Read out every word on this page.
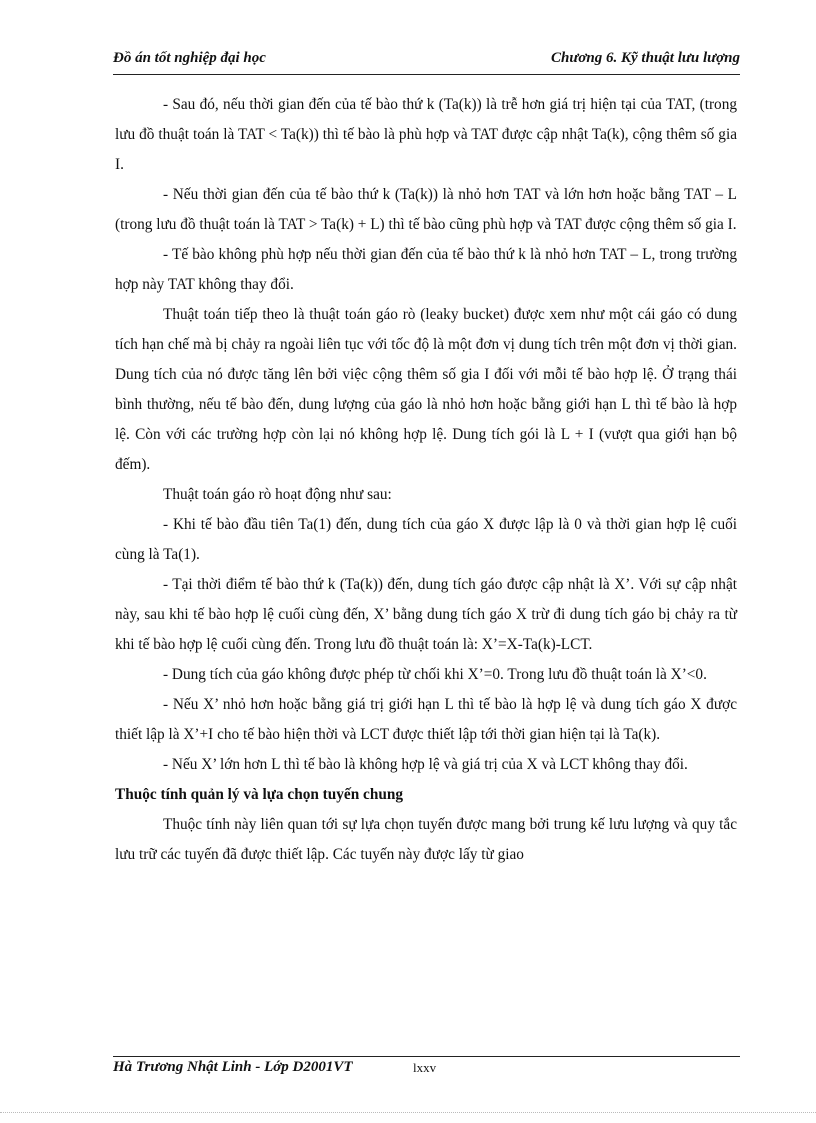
Đồ án tốt nghiệp đại học	Chương 6. Kỹ thuật lưu lượng

- Sau đó, nếu thời gian đến của tế bào thứ k (Ta(k)) là trễ hơn giá trị hiện tại của TAT, (trong lưu đồ thuật toán là TAT < Ta(k)) thì tế bào là phù hợp và TAT được cập nhật Ta(k), cộng thêm số gia I.

- Nếu thời gian đến của tế bào thứ k (Ta(k)) là nhỏ hơn TAT và lớn hơn hoặc bằng TAT – L (trong lưu đồ thuật toán là TAT > Ta(k) + L) thì tế bào cũng phù hợp và TAT được cộng thêm số gia I.

- Tế bào không phù hợp nếu thời gian đến của tế bào thứ k là nhỏ hơn TAT – L, trong trường hợp này TAT không thay đổi.

Thuật toán tiếp theo là thuật toán gáo rò (leaky bucket) được xem như một cái gáo có dung tích hạn chế mà bị chảy ra ngoài liên tục với tốc độ là một đơn vị dung tích trên một đơn vị thời gian. Dung tích của nó được tăng lên bởi việc cộng thêm số gia I đối với mỗi tế bào hợp lệ. Ở trạng thái bình thường, nếu tế bào đến, dung lượng của gáo là nhỏ hơn hoặc bằng giới hạn L thì tế bào là hợp lệ. Còn với các trường hợp còn lại nó không hợp lệ. Dung tích gói là L + I (vượt qua giới hạn bộ đếm).

Thuật toán gáo rò hoạt động như sau:

- Khi tế bào đầu tiên Ta(1) đến, dung tích của gáo X được lập là 0 và thời gian hợp lệ cuối cùng là Ta(1).

- Tại thời điểm tế bào thứ k (Ta(k)) đến, dung tích gáo được cập nhật là X’. Với sự cập nhật này, sau khi tế bào hợp lệ cuối cùng đến, X’ bằng dung tích gáo X trừ đi dung tích gáo bị chảy ra từ khi tế bào hợp lệ cuối cùng đến. Trong lưu đồ thuật toán là: X’=X-Ta(k)-LCT.

- Dung tích của gáo không được phép từ chối khi X’=0. Trong lưu đồ thuật toán là X’<0.

- Nếu X’ nhỏ hơn hoặc bằng giá trị giới hạn L thì tế bào là hợp lệ và dung tích gáo X được thiết lập là X’+I cho tế bào hiện thời và LCT được thiết lập tới thời gian hiện tại là Ta(k).

- Nếu X’ lớn hơn L thì tế bào là không hợp lệ và giá trị của X và LCT không thay đổi.

Thuộc tính quản lý và lựa chọn tuyến chung

Thuộc tính này liên quan tới sự lựa chọn tuyến được mang bởi trung kế lưu lượng và quy tắc lưu trữ các tuyến đã được thiết lập. Các tuyến này được lấy từ giao

Hà Trương Nhật Linh - Lớp D2001VT	lxxv
